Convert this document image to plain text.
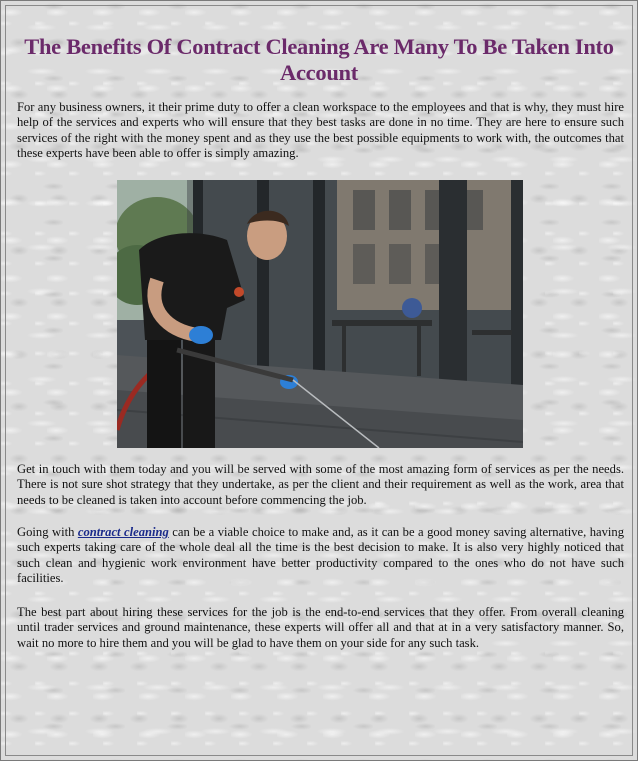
The Benefits Of Contract Cleaning Are Many To Be Taken Into Account

For any business owners, it their prime duty to offer a clean workspace to the employees and that is why, they must hire help of the services and experts who will ensure that they best tasks are done in no time. They are here to ensure such services of the right with the money spent and as they use the best possible equipments to work with, the outcomes that these experts have been able to offer is simply amazing.

Get in touch with them today and you will be served with some of the most amazing form of services as per the needs. There is not sure shot strategy that they undertake, as per the client and their requirement as well as the work, area that needs to be cleaned is taken into account before commencing the job.

Going with contract cleaning can be a viable choice to make and, as it can be a good money saving alternative, having such experts taking care of the whole deal all the time is the best decision to make. It is also very highly noticed that such clean and hygienic work environment have better productivity compared to the ones who do not have such facilities.

The best part about hiring these services for the job is the end-to-end services that they offer. From overall cleaning until trader services and ground maintenance, these experts will offer all and that at in a very satisfactory manner. So, wait no more to hire them and you will be glad to have them on your side for any such task.
